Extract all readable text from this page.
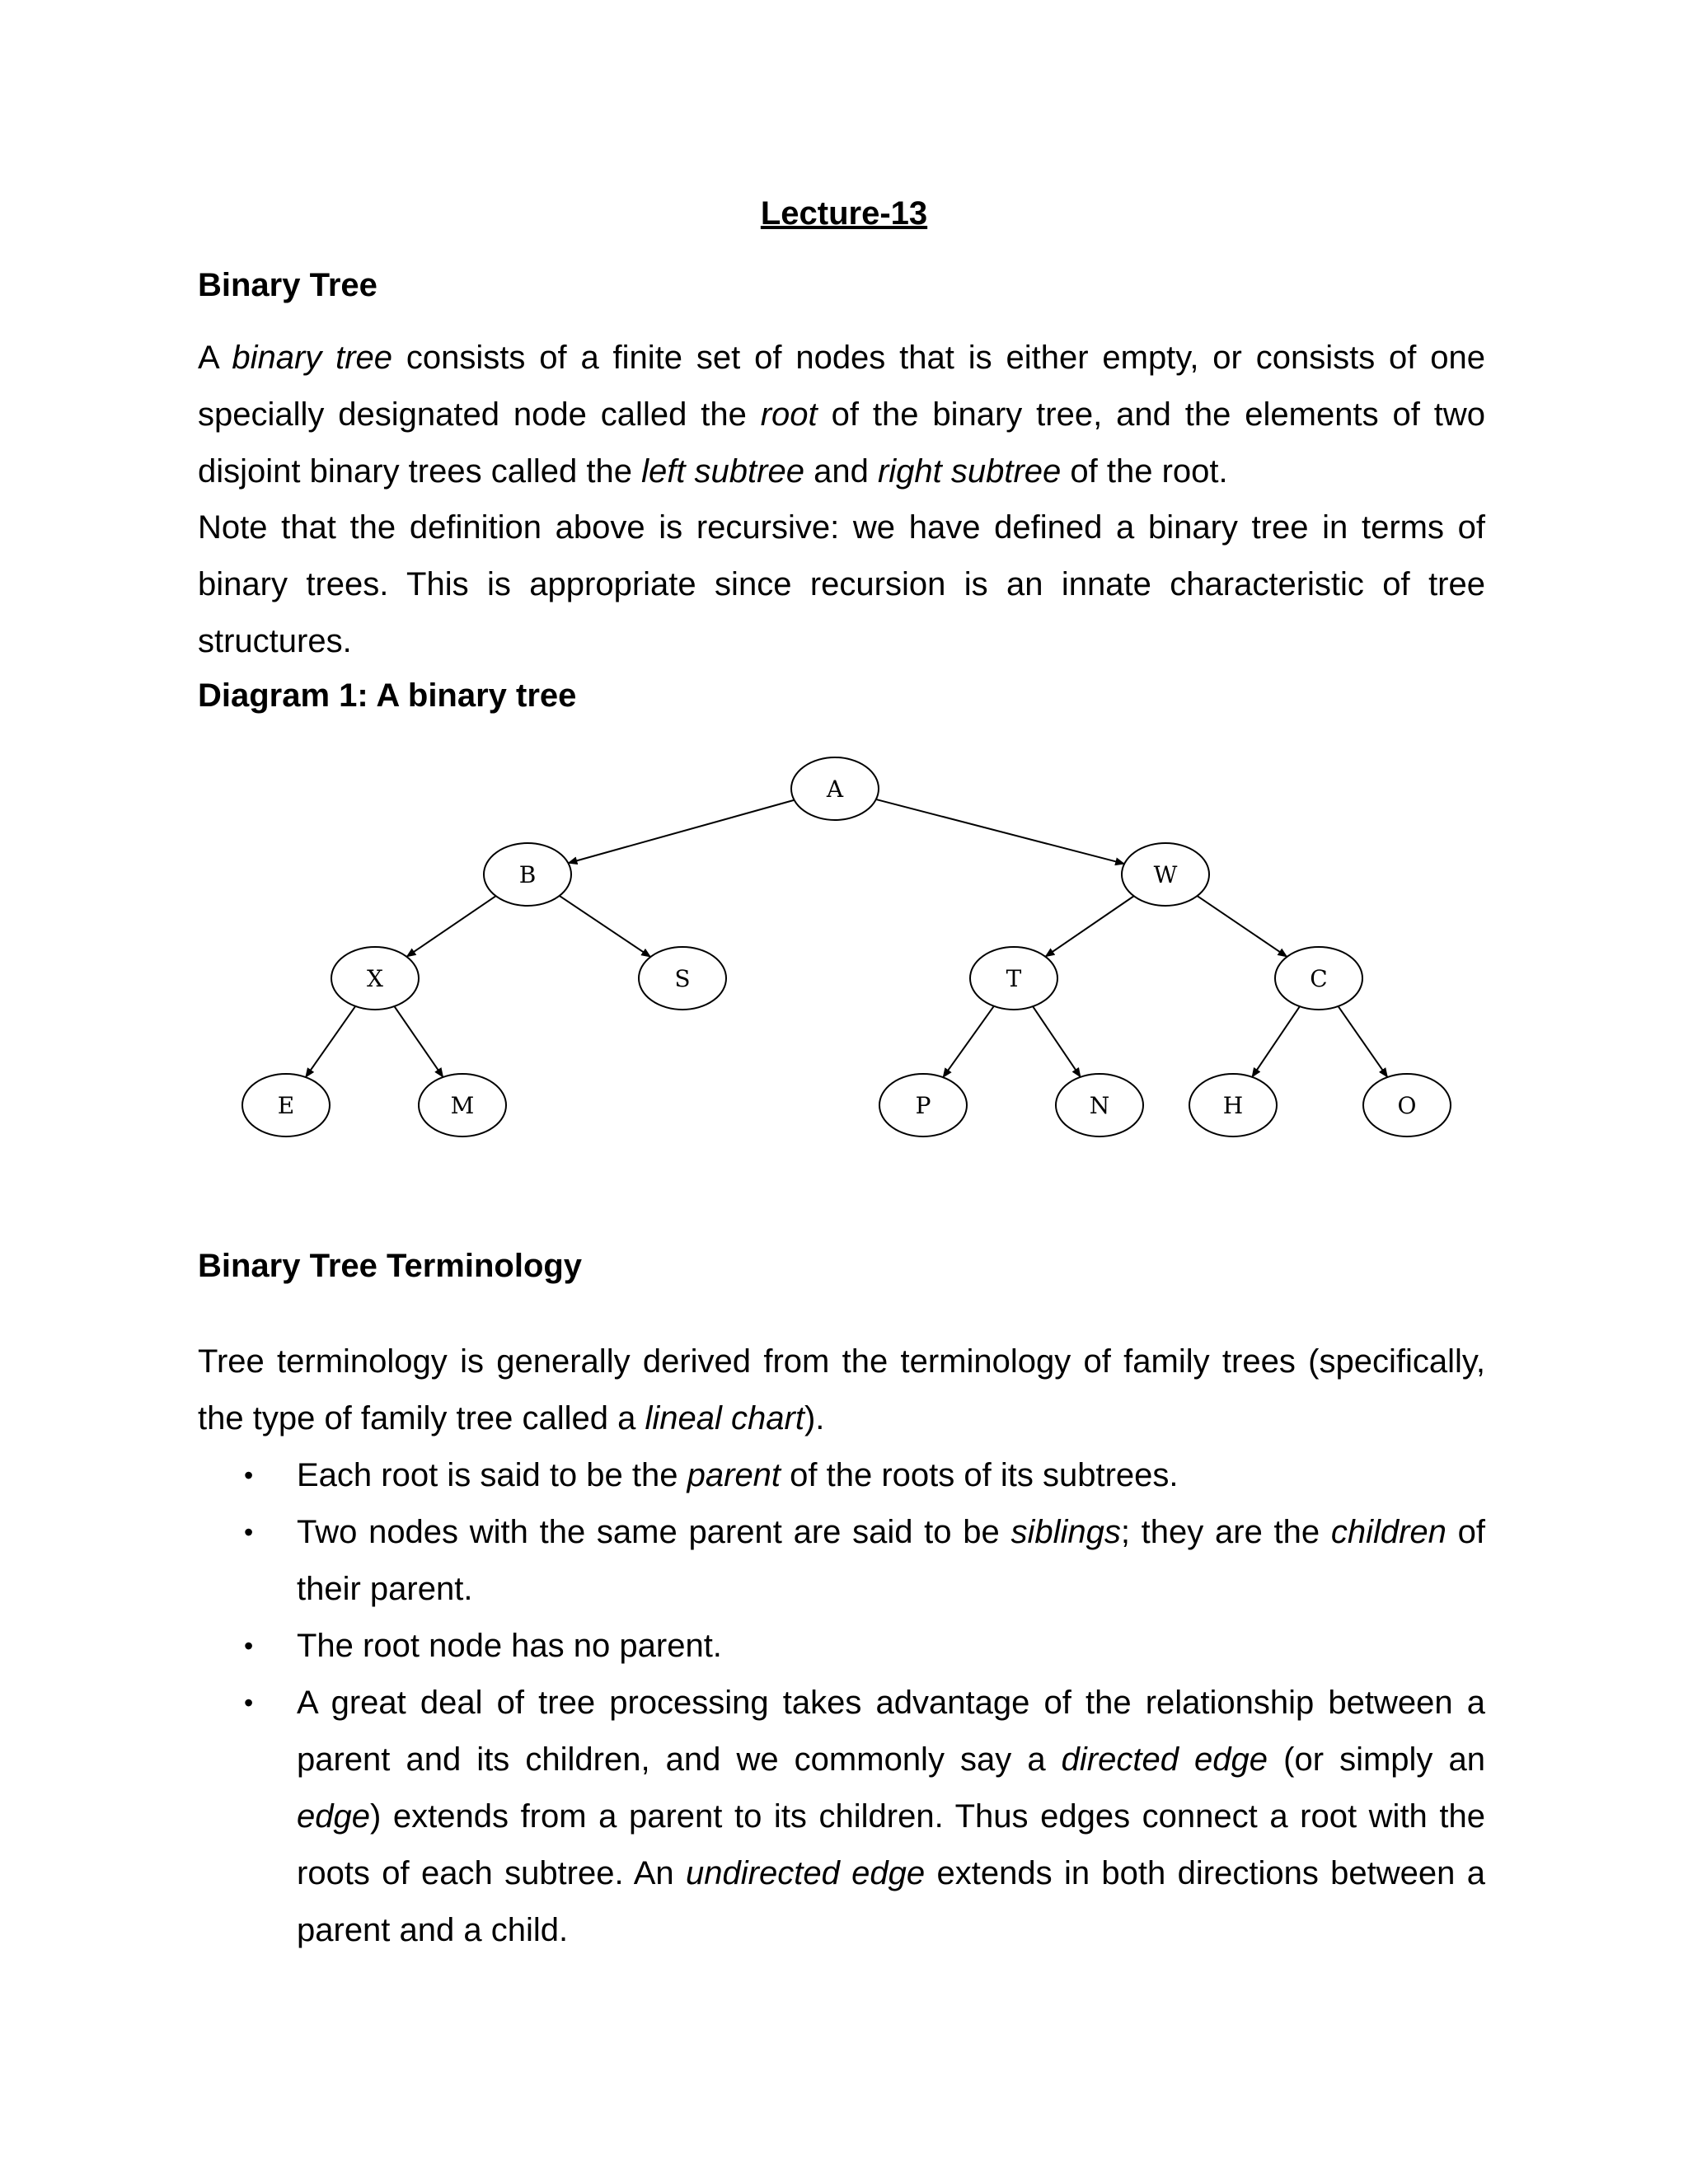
Lecture-13
Binary Tree

A binary tree consists of a finite set of nodes that is either empty, or consists of one specially designated node called the root of the binary tree, and the elements of two disjoint binary trees called the left subtree and right subtree of the root.

Note that the definition above is recursive: we have defined a binary tree in terms of binary trees. This is appropriate since recursion is an innate characteristic of tree structures.

Diagram 1: A binary tree
A
B	W
X	S	T	C
E	M	P	N	H	O
Binary Tree Terminology

Tree terminology is generally derived from the terminology of family trees (specifically, the type of family tree called a lineal chart).

• Each root is said to be the parent of the roots of its subtrees.
• Two nodes with the same parent are said to be siblings; they are the children of their parent.
• The root node has no parent.
• A great deal of tree processing takes advantage of the relationship between a parent and its children, and we commonly say a directed edge (or simply an edge) extends from a parent to its children. Thus edges connect a root with the roots of each subtree. An undirected edge extends in both directions between a parent and a child.
